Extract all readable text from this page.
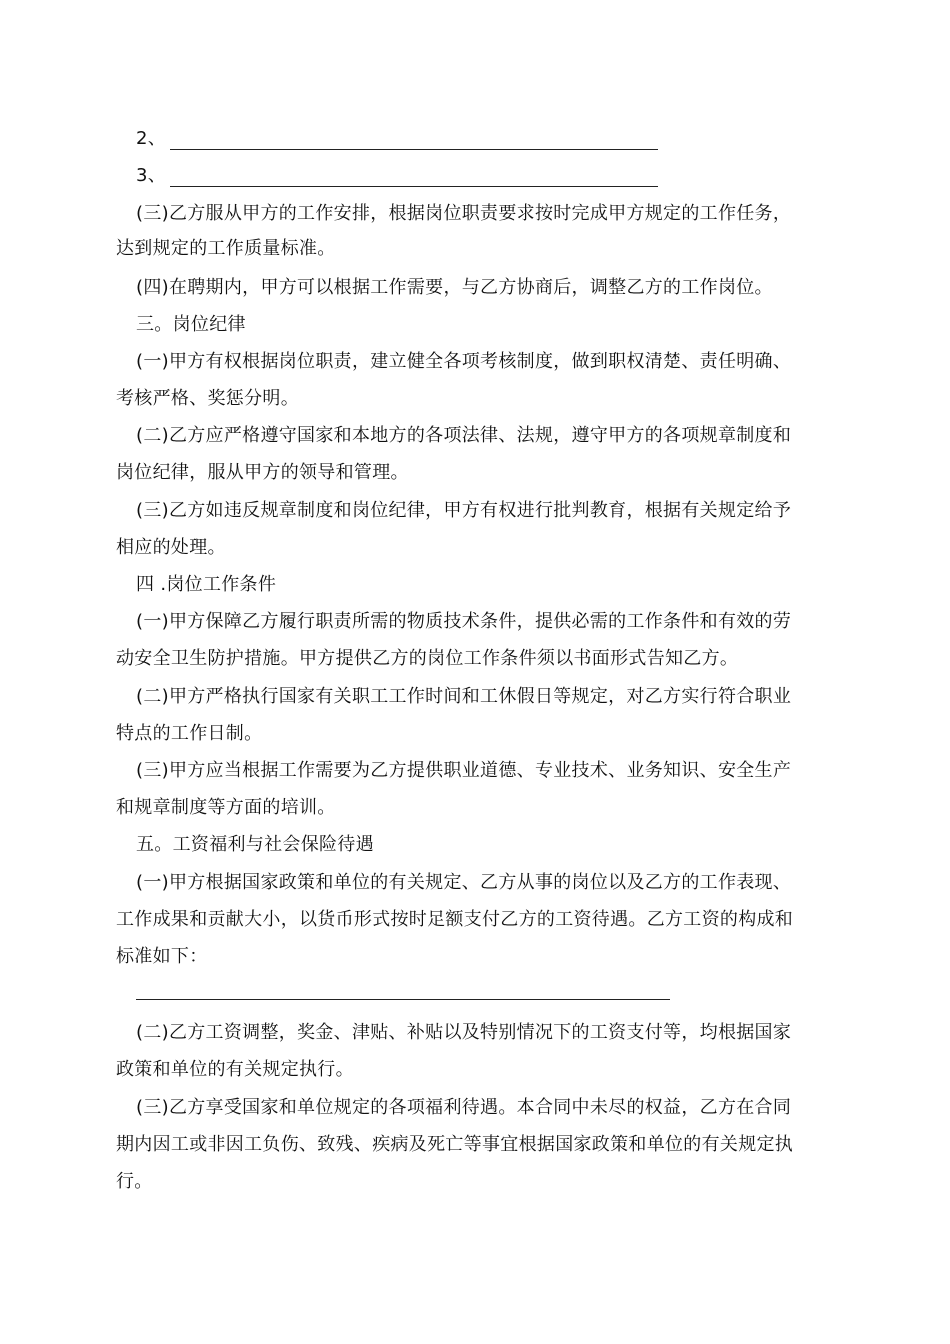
2、
3、
(三)乙方服从甲方的工作安排，根据岗位职责要求按时完成甲方规定的工作任务，
达到规定的工作质量标准。
(四)在聘期内，甲方可以根据工作需要，与乙方协商后，调整乙方的工作岗位。
三。岗位纪律
(一)甲方有权根据岗位职责，建立健全各项考核制度，做到职权清楚、责任明确、
考核严格、奖惩分明。
(二)乙方应严格遵守国家和本地方的各项法律、法规，遵守甲方的各项规章制度和
岗位纪律，服从甲方的领导和管理。
(三)乙方如违反规章制度和岗位纪律，甲方有权进行批判教育，根据有关规定给予
相应的处理。
四 .岗位工作条件
(一)甲方保障乙方履行职责所需的物质技术条件，提供必需的工作条件和有效的劳
动安全卫生防护措施。甲方提供乙方的岗位工作条件须以书面形式告知乙方。
(二)甲方严格执行国家有关职工工作时间和工休假日等规定，对乙方实行符合职业
特点的工作日制。
(三)甲方应当根据工作需要为乙方提供职业道德、专业技术、业务知识、安全生产
和规章制度等方面的培训。
五。工资福利与社会保险待遇
(一)甲方根据国家政策和单位的有关规定、乙方从事的岗位以及乙方的工作表现、
工作成果和贡献大小，以货币形式按时足额支付乙方的工资待遇。乙方工资的构成和
标准如下：
(二)乙方工资调整，奖金、津贴、补贴以及特别情况下的工资支付等，均根据国家
政策和单位的有关规定执行。
(三)乙方享受国家和单位规定的各项福利待遇。本合同中未尽的权益，乙方在合同
期内因工或非因工负伤、致残、疾病及死亡等事宜根据国家政策和单位的有关规定执
行。
